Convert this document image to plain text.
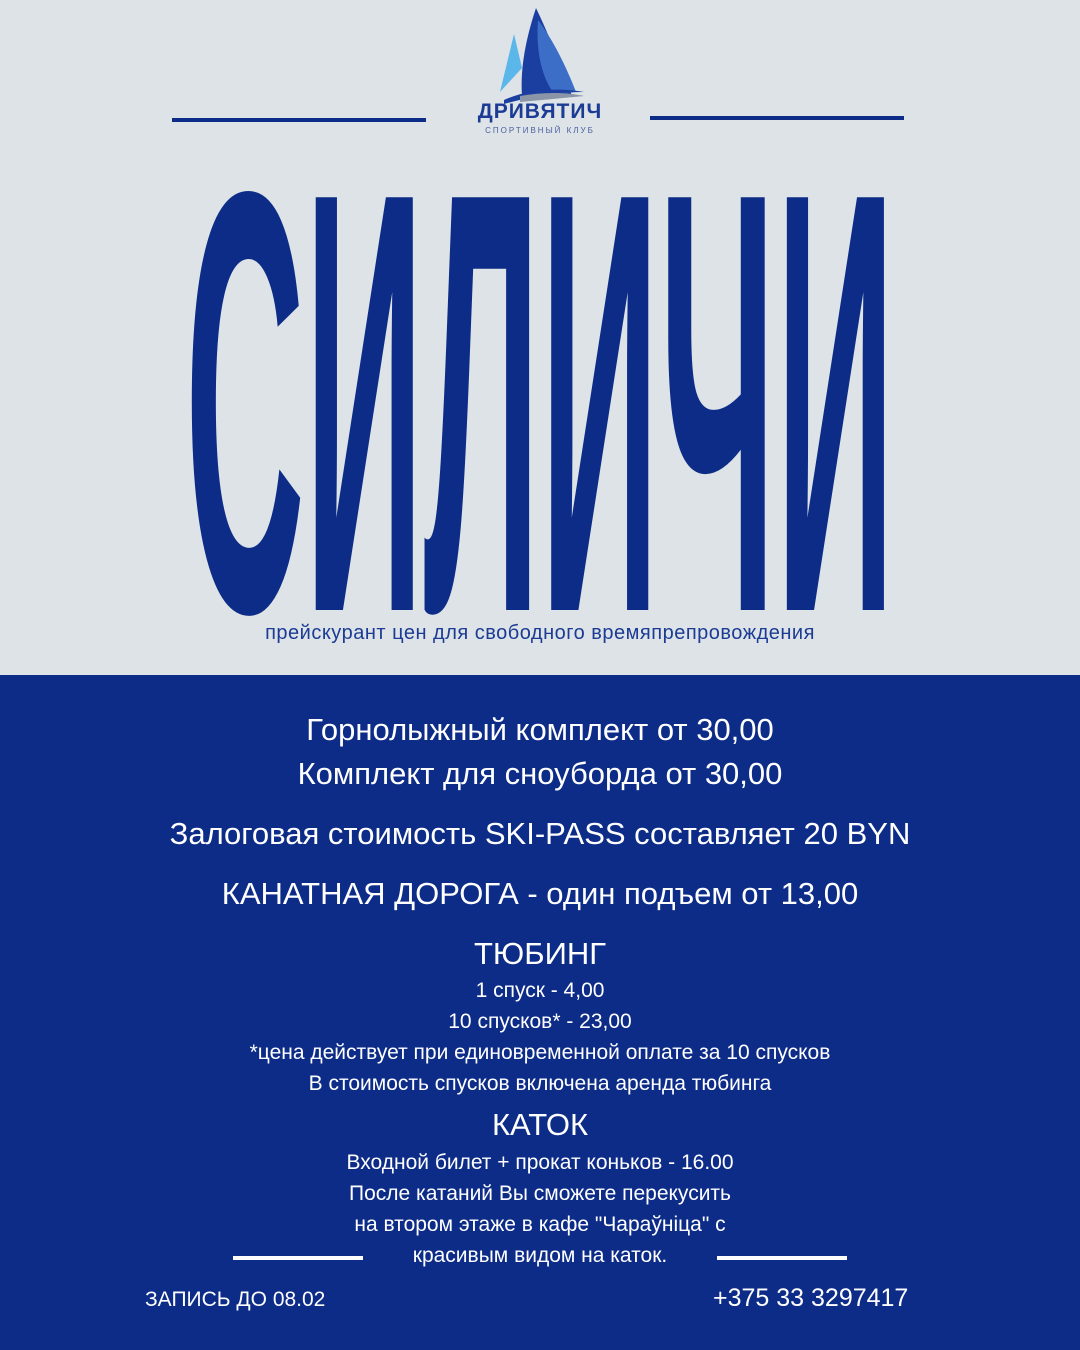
ДРИВЯТИЧ
СПОРТИВНЫЙ КЛУБ
СИЛИЧИ
прейскурант цен для свободного времяпрепровождения
Горнолыжный комплект от 30,00
Комплект для сноуборда от 30,00
Залоговая стоимость SKI-PASS составляет 20 BYN
КАНАТНАЯ ДОРОГА - один подъем от 13,00
ТЮБИНГ
1 спуск - 4,00
10 спусков* - 23,00
*цена действует при единовременной оплате за 10 спусков
В стоимость спусков включена аренда тюбинга
КАТОК
Входной билет + прокат коньков - 16.00
После катаний Вы сможете перекусить
на втором этаже в кафе "Чараўніца" с
красивым видом на каток.
ЗАПИСЬ ДО 08.02	+375 33 3297417
